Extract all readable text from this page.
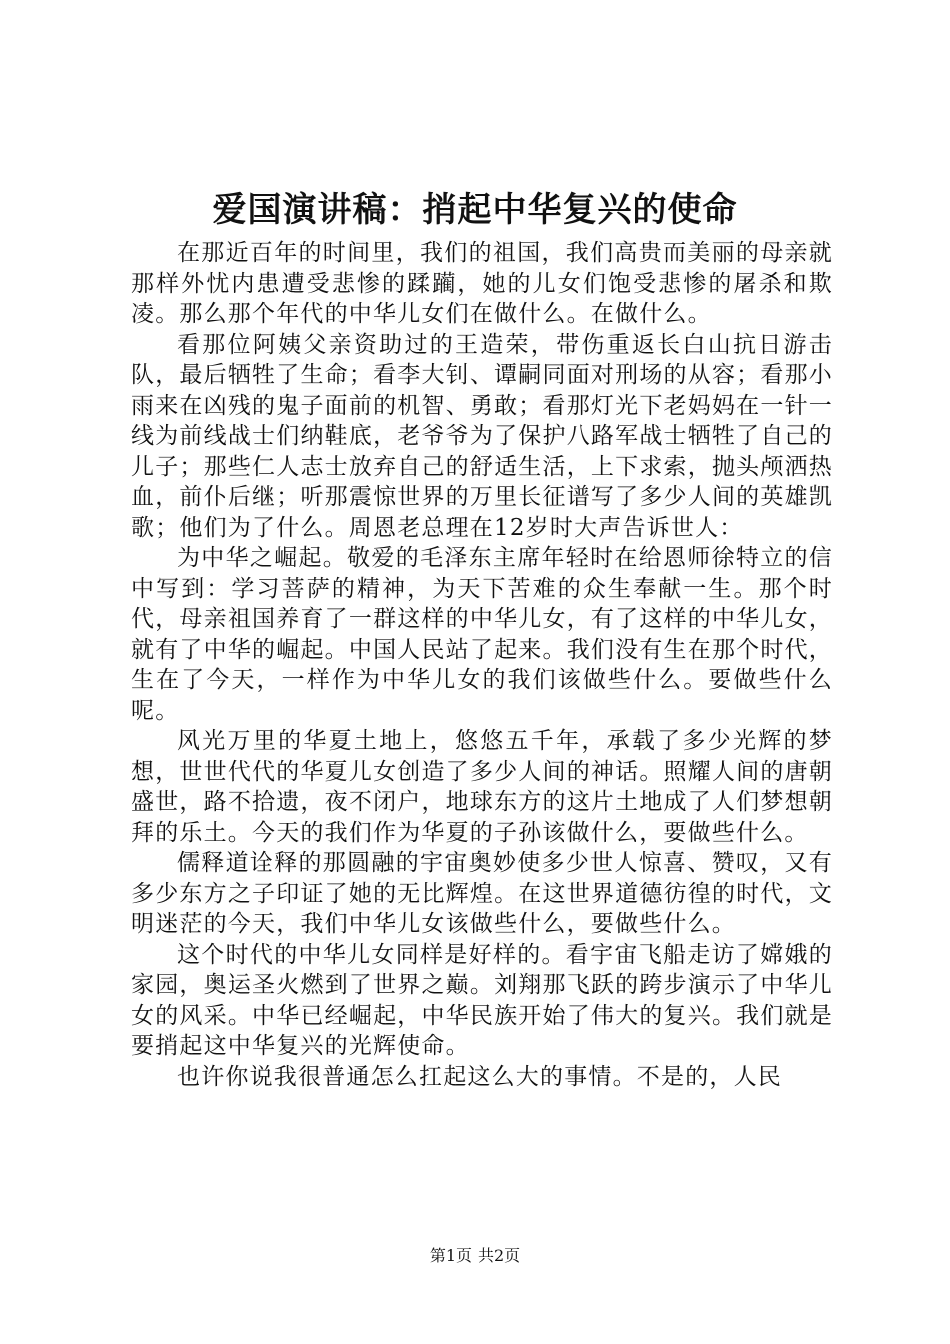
爱国演讲稿：捎起中华复兴的使命

在那近百年的时间里，我们的祖国，我们高贵而美丽的母亲就那样外忧内患遭受悲惨的蹂躏，她的儿女们饱受悲惨的屠杀和欺凌。那么那个年代的中华儿女们在做什么。在做什么。

看那位阿姨父亲资助过的王造荣，带伤重返长白山抗日游击队，最后牺牲了生命；看李大钊、谭嗣同面对刑场的从容；看那小雨来在凶残的鬼子面前的机智、勇敢；看那灯光下老妈妈在一针一线为前线战士们纳鞋底，老爷爷为了保护八路军战士牺牲了自己的儿子；那些仁人志士放弃自己的舒适生活，上下求索，抛头颅洒热血，前仆后继；听那震惊世界的万里长征谱写了多少人间的英雄凯歌；他们为了什么。周恩老总理在12岁时大声告诉世人：

为中华之崛起。敬爱的毛泽东主席年轻时在给恩师徐特立的信中写到：学习菩萨的精神，为天下苦难的众生奉献一生。那个时代，母亲祖国养育了一群这样的中华儿女，有了这样的中华儿女，就有了中华的崛起。中国人民站了起来。我们没有生在那个时代，生在了今天，一样作为中华儿女的我们该做些什么。要做些什么呢。

风光万里的华夏土地上，悠悠五千年，承载了多少光辉的梦想，世世代代的华夏儿女创造了多少人间的神话。照耀人间的唐朝盛世，路不拾遗，夜不闭户，地球东方的这片土地成了人们梦想朝拜的乐土。今天的我们作为华夏的子孙该做什么，要做些什么。

儒释道诠释的那圆融的宇宙奥妙使多少世人惊喜、赞叹，又有多少东方之子印证了她的无比辉煌。在这世界道德彷徨的时代，文明迷茫的今天，我们中华儿女该做些什么，要做些什么。

这个时代的中华儿女同样是好样的。看宇宙飞船走访了嫦娥的家园，奥运圣火燃到了世界之巅。刘翔那飞跃的跨步演示了中华儿女的风采。中华已经崛起，中华民族开始了伟大的复兴。我们就是要捎起这中华复兴的光辉使命。

也许你说我很普通怎么扛起这么大的事情。不是的，人民

第1页 共2页
